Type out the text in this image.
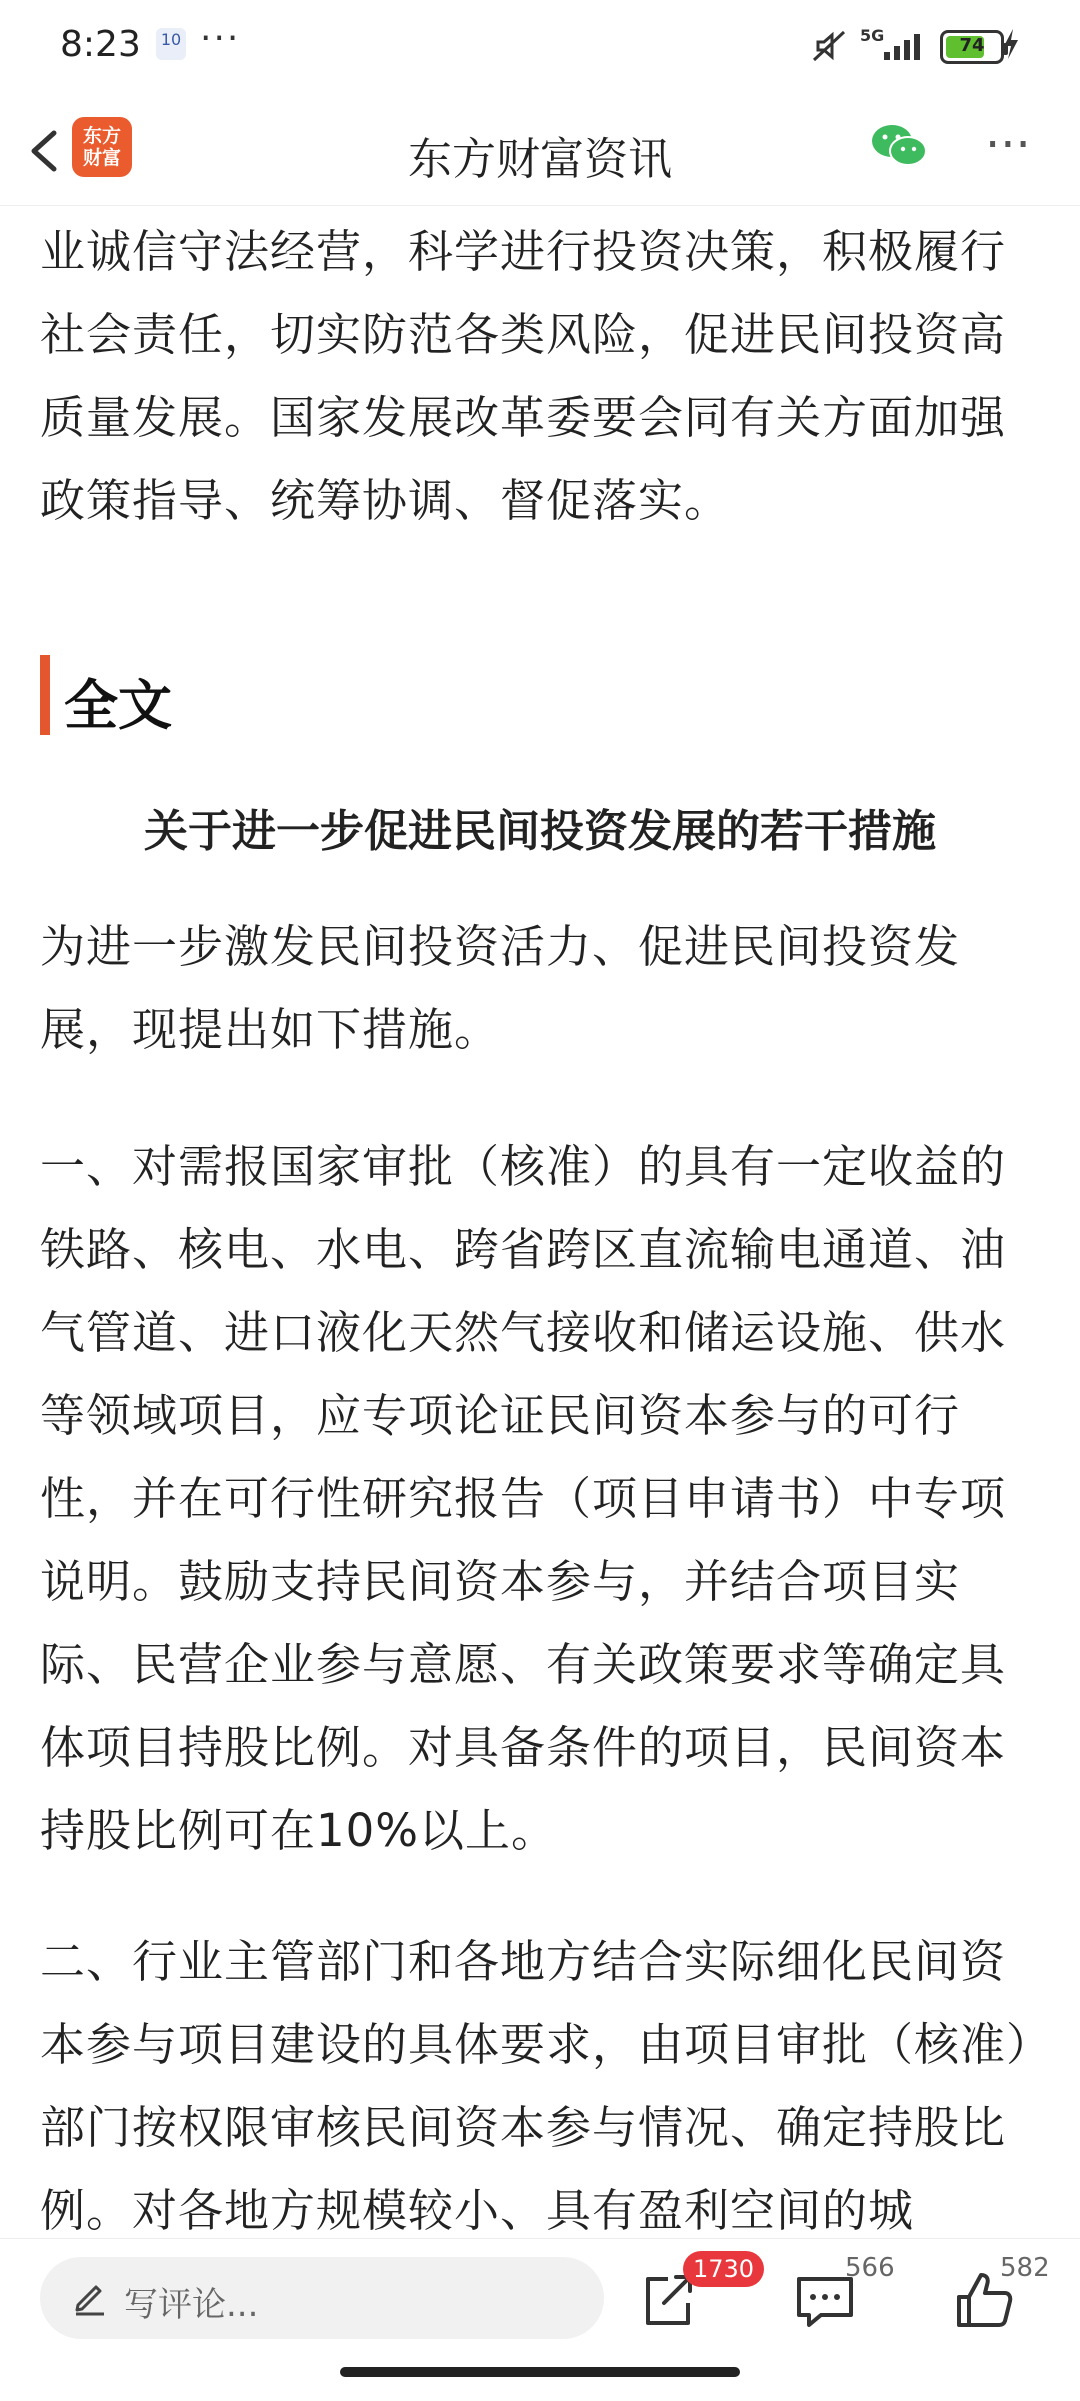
8:23	10 ···	5G	74
东方
财富	东方财富资讯	···

业诚信守法经营，科学进行投资决策，积极履行社会责任，切实防范各类风险，促进民间投资高质量发展。国家发展改革委要会同有关方面加强政策指导、统筹协调、督促落实。

全文
关于进一步促进民间投资发展的若干措施

为进一步激发民间投资活力、促进民间投资发展，现提出如下措施。

一、对需报国家审批（核准）的具有一定收益的铁路、核电、水电、跨省跨区直流输电通道、油气管道、进口液化天然气接收和储运设施、供水等领域项目，应专项论证民间资本参与的可行性，并在可行性研究报告（项目申请书）中专项说明。鼓励支持民间资本参与，并结合项目实际、民营企业参与意愿、有关政策要求等确定具体项目持股比例。对具备条件的项目，民间资本持股比例可在10%以上。

二、行业主管部门和各地方结合实际细化民间资本参与项目建设的具体要求，由项目审批（核准）部门按权限审核民间资本参与情况、确定持股比例。对各地方规模较小、具有盈利空间的城

写评论...
1730	566	582
